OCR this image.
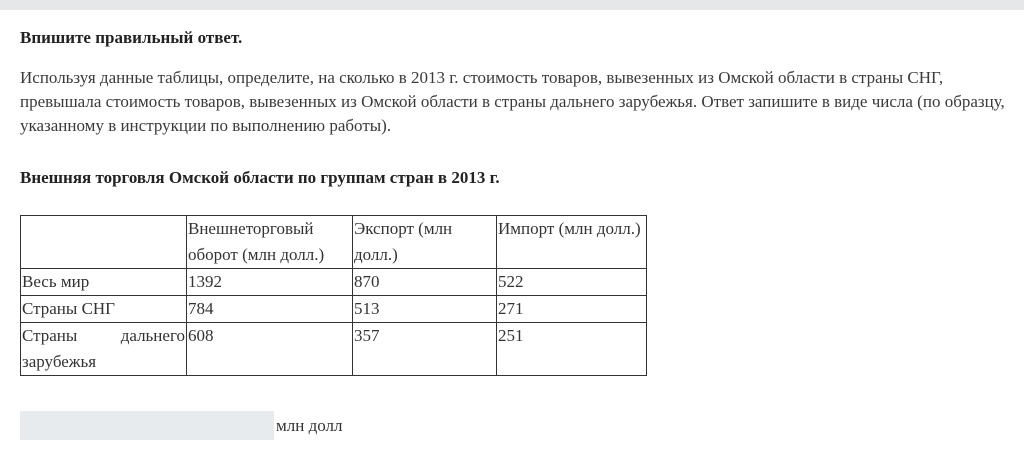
Впишите правильный ответ.
Используя данные таблицы, определите, на сколько в 2013 г. стоимость товаров, вывезенных из Омской области в страны СНГ, превышала стоимость товаров, вывезенных из Омской области в страны дальнего зарубежья. Ответ запишите в виде числа (по образцу, указанному в инструкции по выполнению работы).
Внешняя торговля Омской области по группам стран в 2013 г.
	Внешнеторговый оборот (млн долл.)	Экспорт (млн долл.)	Импорт (млн долл.)
Весь мир	1392	870	522
Страны СНГ	784	513	271

Страны дальнего
зарубежья	608	357	251
млн долл
